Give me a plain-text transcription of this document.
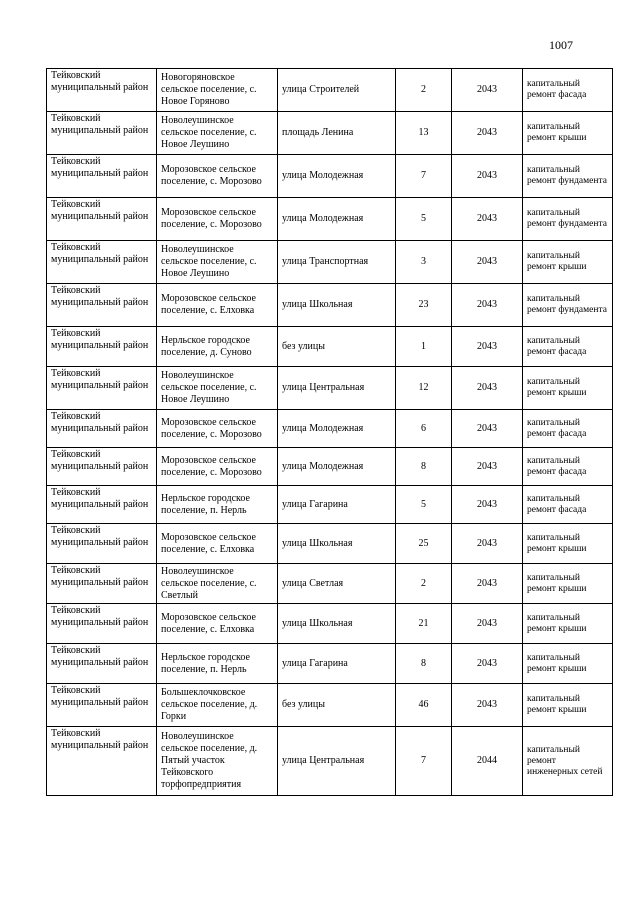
1007
Тейковский муниципальный район	Новогоряновское сельское поселение, с. Новое Горяново	улица Строителей	2	2043	капитальный ремонт фасада
Тейковский муниципальный район	Новолеушинское сельское поселение, с. Новое Леушино	площадь Ленина	13	2043	капитальный ремонт крыши
Тейковский муниципальный район	Морозовское сельское поселение, с. Морозово	улица Молодежная	7	2043	капитальный ремонт фундамента
Тейковский муниципальный район	Морозовское сельское поселение, с. Морозово	улица Молодежная	5	2043	капитальный ремонт фундамента
Тейковский муниципальный район	Новолеушинское сельское поселение, с. Новое Леушино	улица Транспортная	3	2043	капитальный ремонт крыши
Тейковский муниципальный район	Морозовское сельское поселение, с. Елховка	улица Школьная	23	2043	капитальный ремонт фундамента
Тейковский муниципальный район	Нерльское городское поселение, д. Суново	без улицы	1	2043	капитальный ремонт фасада
Тейковский муниципальный район	Новолеушинское сельское поселение, с. Новое Леушино	улица Центральная	12	2043	капитальный ремонт крыши
Тейковский муниципальный район	Морозовское сельское поселение, с. Морозово	улица Молодежная	6	2043	капитальный ремонт фасада
Тейковский муниципальный район	Морозовское сельское поселение, с. Морозово	улица Молодежная	8	2043	капитальный ремонт фасада
Тейковский муниципальный район	Нерльское городское поселение, п. Нерль	улица Гагарина	5	2043	капитальный ремонт фасада
Тейковский муниципальный район	Морозовское сельское поселение, с. Елховка	улица Школьная	25	2043	капитальный ремонт крыши
Тейковский муниципальный район	Новолеушинское сельское поселение, с. Светлый	улица Светлая	2	2043	капитальный ремонт крыши
Тейковский муниципальный район	Морозовское сельское поселение, с. Елховка	улица Школьная	21	2043	капитальный ремонт крыши
Тейковский муниципальный район	Нерльское городское поселение, п. Нерль	улица Гагарина	8	2043	капитальный ремонт крыши
Тейковский муниципальный район	Большеклочковское сельское поселение, д. Горки	без улицы	46	2043	капитальный ремонт крыши
Тейковский муниципальный район	Новолеушинское сельское поселение, д. Пятый участок Тейковского торфопредприятия	улица Центральная	7	2044	капитальный ремонт инженерных сетей
